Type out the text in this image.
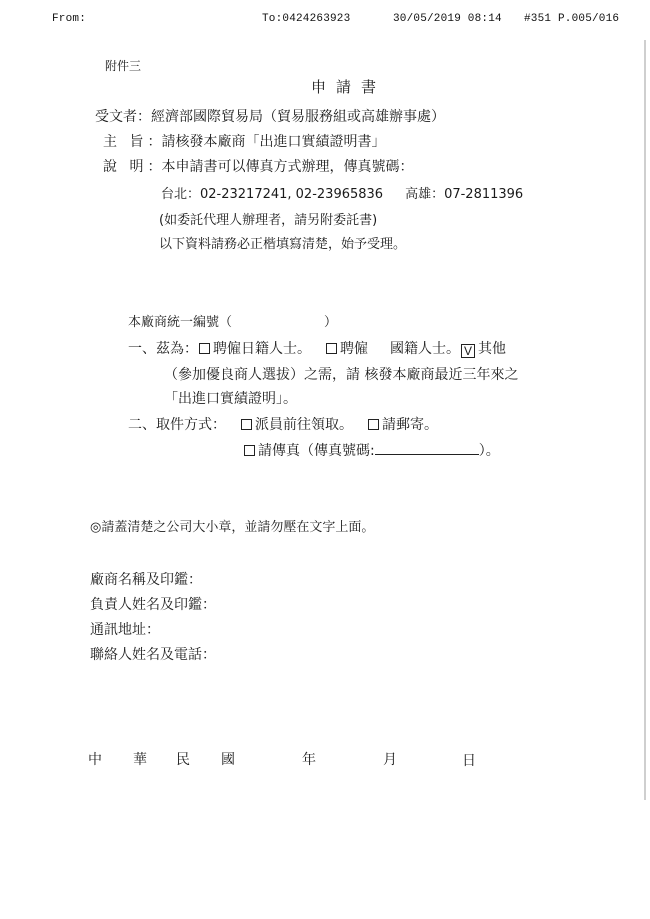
From:	To:0424263923	30/05/2019 08:14 #351 P.005/016
附件三
申請書
受文者：經濟部國際貿易局（貿易服務組或高雄辦事處）
主 旨：請核發本廠商「出進口實績證明書」
說 明：本申請書可以傳真方式辦理，傳真號碼：
台北：02-23217241, 02-23965836 高雄：07-2811396
(如委託代理人辦理者，請另附委託書)
以下資料請務必正楷填寫清楚，始予受理。
本廠商統一編號（	）
一、茲為： 聘僱日籍人士。 聘僱 國籍人士。 V 其他
（參加優良商人選拔）之需，請 核發本廠商最近三年來之
「出進口實績證明」。
二、取件方式： 派員前往領取。 請郵寄。
請傳真（傳真號碼:	）。
◎請蓋清楚之公司大小章，並請勿壓在文字上面。
廠商名稱及印鑑：
負責人姓名及印鑑：
通訊地址：
聯絡人姓名及電話：
中 華 民 國	年	月	日
